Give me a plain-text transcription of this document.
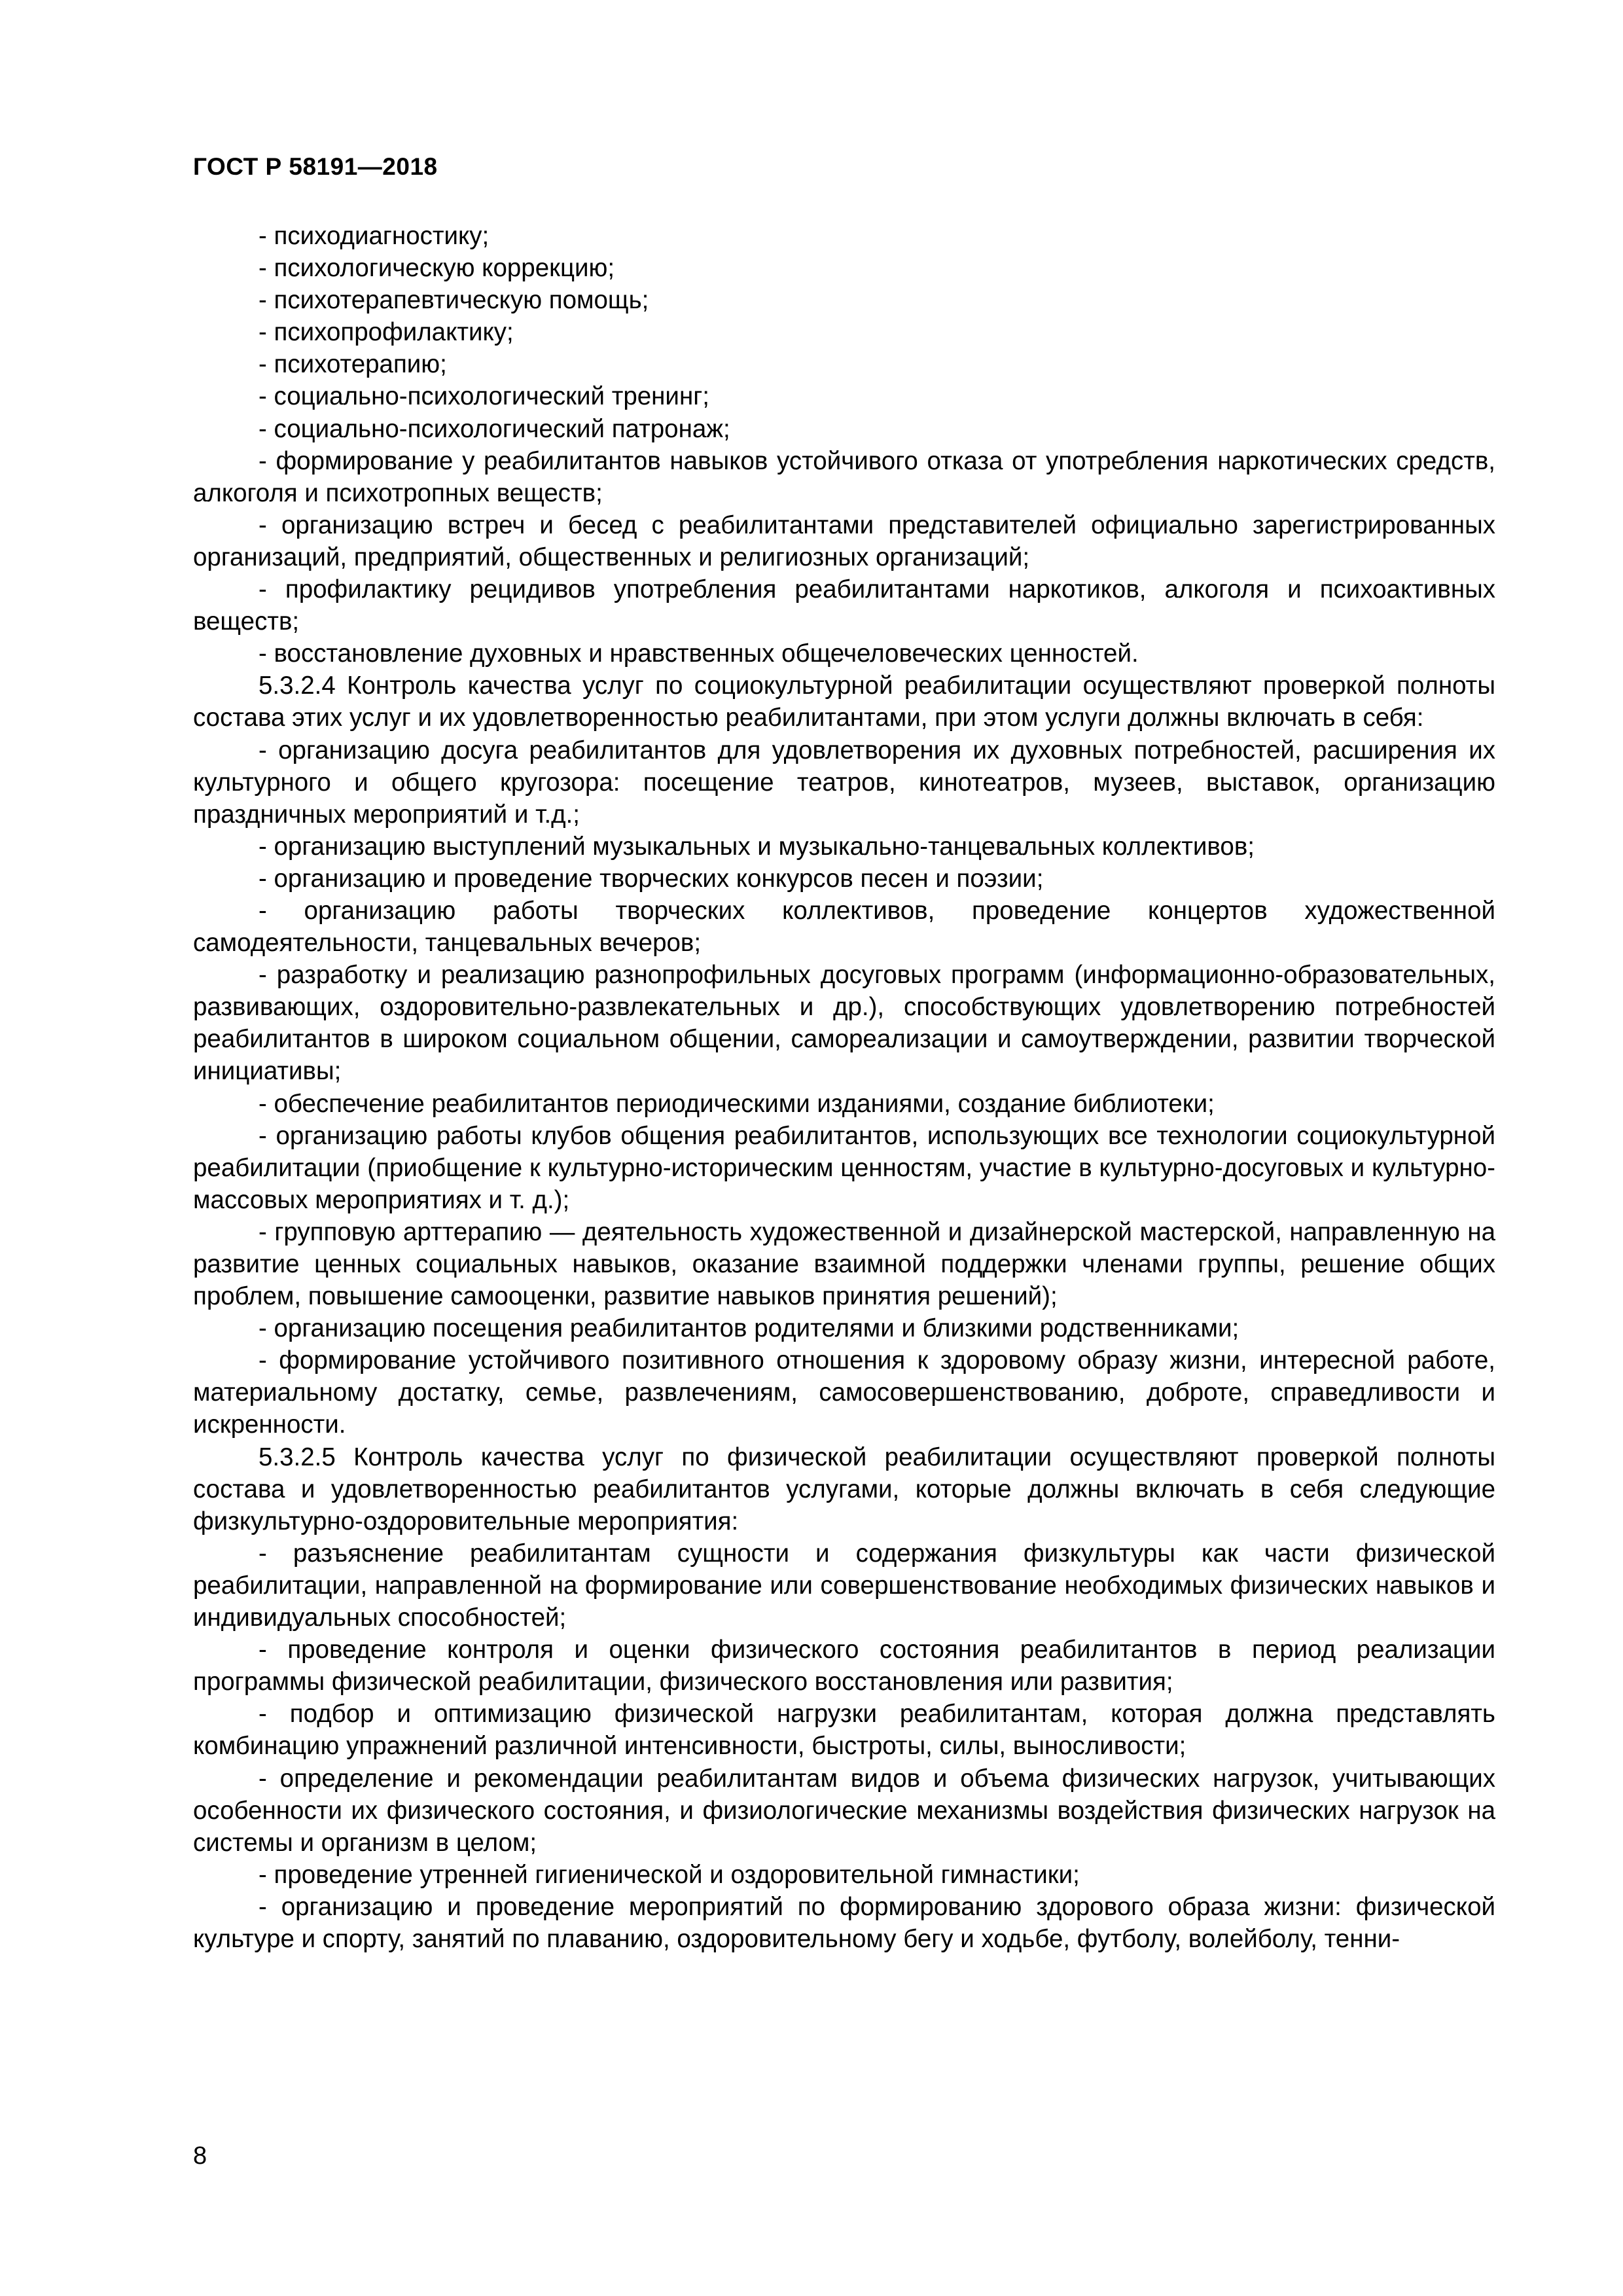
ГОСТ Р 58191—2018

- психодиагностику;

- психологическую коррекцию;

- психотерапевтическую помощь;

- психопрофилактику;

- психотерапию;

- социально-психологический тренинг;

- социально-психологический патронаж;

- формирование у реабилитантов навыков устойчивого отказа от употребления наркотических средств, алкоголя и психотропных веществ;

- организацию встреч и бесед с реабилитантами представителей официально зарегистрированных организаций, предприятий, общественных и религиозных организаций;

- профилактику рецидивов употребления реабилитантами наркотиков, алкоголя и психоактивных веществ;

- восстановление духовных и нравственных общечеловеческих ценностей.

5.3.2.4 Контроль качества услуг по социокультурной реабилитации осуществляют проверкой полноты состава этих услуг и их удовлетворенностью реабилитантами, при этом услуги должны включать в себя:

- организацию досуга реабилитантов для удовлетворения их духовных потребностей, расширения их культурного и общего кругозора: посещение театров, кинотеатров, музеев, выставок, организацию праздничных мероприятий и т.д.;

- организацию выступлений музыкальных и музыкально-танцевальных коллективов;

- организацию и проведение творческих конкурсов песен и поэзии;

- организацию работы творческих коллективов, проведение концертов художественной самодеятельности, танцевальных вечеров;

- разработку и реализацию разнопрофильных досуговых программ (информационно-образовательных, развивающих, оздоровительно-развлекательных и др.), способствующих удовлетворению потребностей реабилитантов в широком социальном общении, самореализации и самоутверждении, развитии творческой инициативы;

- обеспечение реабилитантов периодическими изданиями, создание библиотеки;

- организацию работы клубов общения реабилитантов, использующих все технологии социокультурной реабилитации (приобщение к культурно-историческим ценностям, участие в культурно-досуговых и культурно-массовых мероприятиях и т. д.);

- групповую арттерапию — деятельность художественной и дизайнерской мастерской, направленную на развитие ценных социальных навыков, оказание взаимной поддержки членами группы, решение общих проблем, повышение самооценки, развитие навыков принятия решений);

- организацию посещения реабилитантов родителями и близкими родственниками;

- формирование устойчивого позитивного отношения к здоровому образу жизни, интересной работе, материальному достатку, семье, развлечениям, самосовершенствованию, доброте, справедливости и искренности.

5.3.2.5 Контроль качества услуг по физической реабилитации осуществляют проверкой полноты состава и удовлетворенностью реабилитантов услугами, которые должны включать в себя следующие физкультурно-оздоровительные мероприятия:

- разъяснение реабилитантам сущности и содержания физкультуры как части физической реабилитации, направленной на формирование или совершенствование необходимых физических навыков и индивидуальных способностей;

- проведение контроля и оценки физического состояния реабилитантов в период реализации программы физической реабилитации, физического восстановления или развития;

- подбор и оптимизацию физической нагрузки реабилитантам, которая должна представлять комбинацию упражнений различной интенсивности, быстроты, силы, выносливости;

- определение и рекомендации реабилитантам видов и объема физических нагрузок, учитывающих особенности их физического состояния, и физиологические механизмы воздействия физических нагрузок на системы и организм в целом;

- проведение утренней гигиенической и оздоровительной гимнастики;

- организацию и проведение мероприятий по формированию здорового образа жизни: физической культуре и спорту, занятий по плаванию, оздоровительному бегу и ходьбе, футболу, волейболу, тенни-

8
